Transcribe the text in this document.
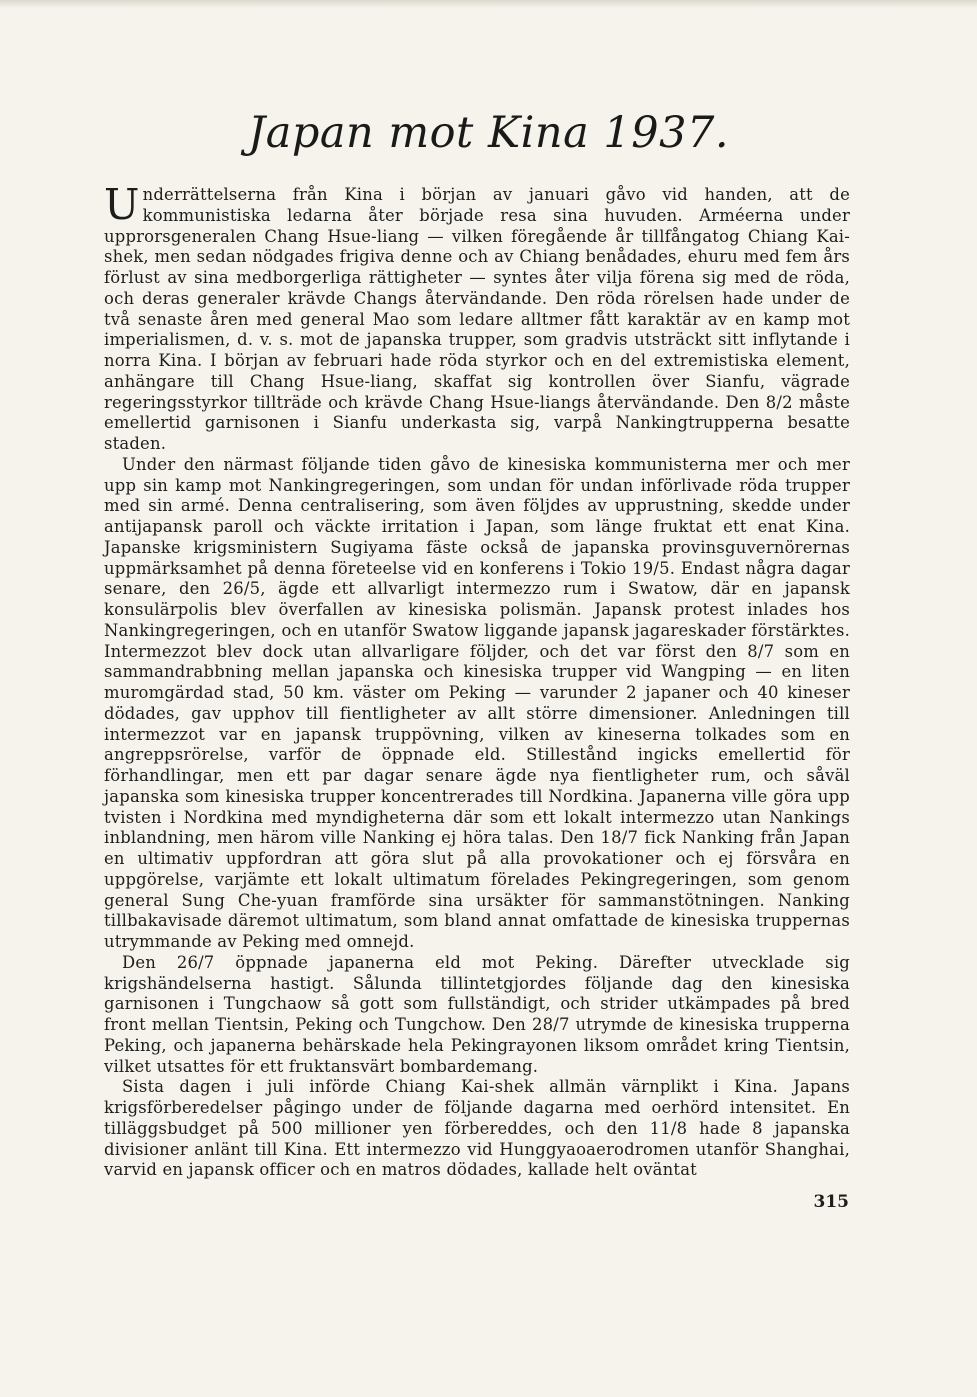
Japan mot Kina 1937.

Underrättelserna från Kina i början av januari gåvo vid handen, att de kommunistiska ledarna åter började resa sina huvuden. Arméerna under upprorsgeneralen Chang Hsue-liang — vilken föregående år tillfångatog Chiang Kai-shek, men sedan nödgades frigiva denne och av Chiang benådades, ehuru med fem års förlust av sina medborgerliga rättigheter — syntes åter vilja förena sig med de röda, och deras generaler krävde Changs återvändande. Den röda rörelsen hade under de två senaste åren med general Mao som ledare alltmer fått karaktär av en kamp mot imperialismen, d. v. s. mot de japanska trupper, som gradvis utsträckt sitt inflytande i norra Kina. I början av februari hade röda styrkor och en del extremistiska element, anhängare till Chang Hsue-liang, skaffat sig kontrollen över Sianfu, vägrade regeringsstyrkor tillträde och krävde Chang Hsue-liangs återvändande. Den 8/2 måste emellertid garnisonen i Sianfu underkasta sig, varpå Nankingtrupperna besatte staden.

Under den närmast följande tiden gåvo de kinesiska kommunisterna mer och mer upp sin kamp mot Nankingregeringen, som undan för undan införlivade röda trupper med sin armé. Denna centralisering, som även följdes av upprustning, skedde under antijapansk paroll och väckte irritation i Japan, som länge fruktat ett enat Kina. Japanske krigsministern Sugiyama fäste också de japanska provinsguvernörernas uppmärksamhet på denna företeelse vid en konferens i Tokio 19/5. Endast några dagar senare, den 26/5, ägde ett allvarligt intermezzo rum i Swatow, där en japansk konsulärpolis blev överfallen av kinesiska polismän. Japansk protest inlades hos Nankingregeringen, och en utanför Swatow liggande japansk jagareskader förstärktes. Intermezzot blev dock utan allvarligare följder, och det var först den 8/7 som en sammandrabbning mellan japanska och kinesiska trupper vid Wangping — en liten muromgärdad stad, 50 km. väster om Peking — varunder 2 japaner och 40 kineser dödades, gav upphov till fientligheter av allt större dimensioner. Anledningen till intermezzot var en japansk truppövning, vilken av kineserna tolkades som en angreppsrörelse, varför de öppnade eld. Stillestånd ingicks emellertid för förhandlingar, men ett par dagar senare ägde nya fientligheter rum, och såväl japanska som kinesiska trupper koncentrerades till Nordkina. Japanerna ville göra upp tvisten i Nordkina med myndigheterna där som ett lokalt intermezzo utan Nankings inblandning, men härom ville Nanking ej höra talas. Den 18/7 fick Nanking från Japan en ultimativ uppfordran att göra slut på alla provokationer och ej försvåra en uppgörelse, varjämte ett lokalt ultimatum förelades Pekingregeringen, som genom general Sung Che-yuan framförde sina ursäkter för sammanstötningen. Nanking tillbakavisade däremot ultimatum, som bland annat omfattade de kinesiska truppernas utrymmande av Peking med omnejd.

Den 26/7 öppnade japanerna eld mot Peking. Därefter utvecklade sig krigshändelserna hastigt. Sålunda tillintetgjordes följande dag den kinesiska garnisonen i Tungchaow så gott som fullständigt, och strider utkämpades på bred front mellan Tientsin, Peking och Tungchow. Den 28/7 utrymde de kinesiska trupperna Peking, och japanerna behärskade hela Pekingrayonen liksom området kring Tientsin, vilket utsattes för ett fruktansvärt bombardemang.

Sista dagen i juli införde Chiang Kai-shek allmän värnplikt i Kina. Japans krigsförberedelser pågingo under de följande dagarna med oerhörd intensitet. En tilläggsbudget på 500 millioner yen förbereddes, och den 11/8 hade 8 japanska divisioner anlänt till Kina. Ett intermezzo vid Hunggyaoaerodromen utanför Shanghai, varvid en japansk officer och en matros dödades, kallade helt oväntat

315
